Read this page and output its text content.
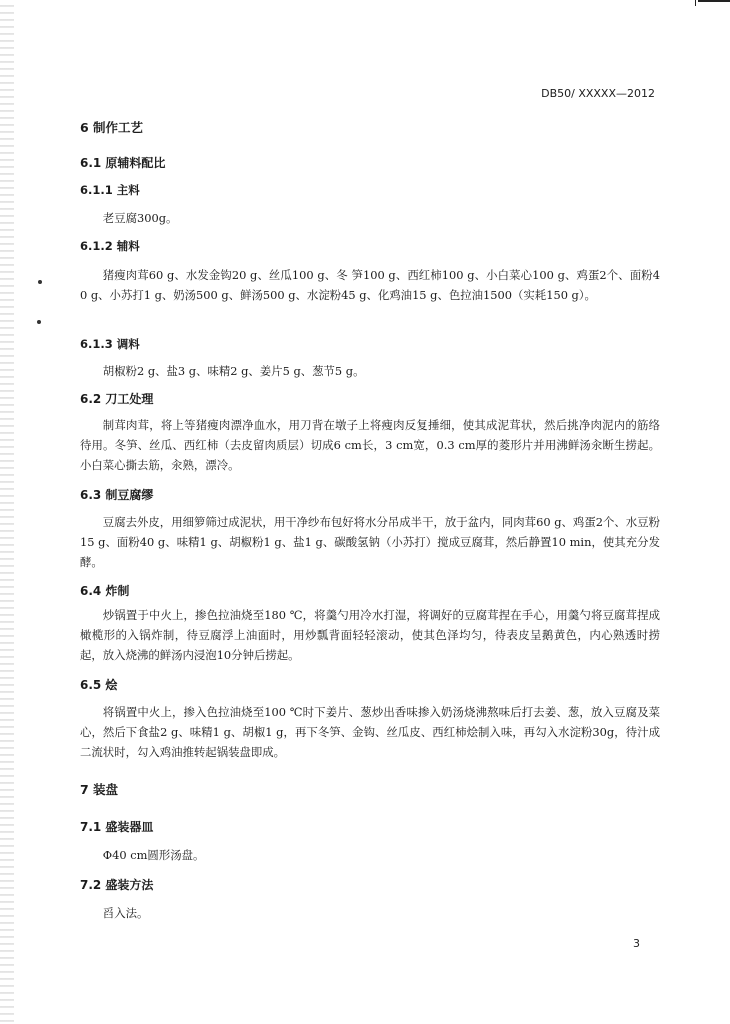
DB50/ XXXXX—2012
6 制作工艺
6.1 原辅料配比
6.1.1 主料
老豆腐300g。
6.1.2 辅料
猪瘦肉茸60 g、水发金钩20 g、丝瓜100 g、冬 笋100 g、西红柿100 g、小白菜心100 g、鸡蛋2个、面粉40 g、小苏打1 g、奶汤500 g、鲜汤500 g、水淀粉45 g、化鸡油15 g、色拉油1500（实耗150 g）。
6.1.3 调料
胡椒粉2 g、盐3 g、味精2 g、姜片5 g、葱节5 g。
6.2 刀工处理
制茸肉茸，将上等猪瘦肉漂净血水，用刀背在墩子上将瘦肉反复捶细，使其成泥茸状，然后挑净肉泥内的筋络待用。冬笋、丝瓜、西红柿（去皮留肉质层）切成6 cm长，3 cm宽，0.3 cm厚的菱形片并用沸鲜汤汆断生捞起。小白菜心撕去筋，汆熟，漂冷。
6.3 制豆腐缪
豆腐去外皮，用细箩筛过成泥状，用干净纱布包好将水分吊成半干，放于盆内，同肉茸60 g、鸡蛋2个、水豆粉15 g、面粉40 g、味精1 g、胡椒粉1 g、盐1 g、碳酸氢钠（小苏打）搅成豆腐茸，然后静置10 min，使其充分发酵。
6.4 炸制
炒锅置于中火上，掺色拉油烧至180 ℃，将羹勺用冷水打湿，将调好的豆腐茸捏在手心，用羹勺将豆腐茸捏成橄榄形的入锅炸制，待豆腐浮上油面时，用炒瓢背面轻轻滚动，使其色泽均匀，待表皮呈鹅黄色，内心熟透时捞起，放入烧沸的鲜汤内浸泡10分钟后捞起。
6.5 烩
将锅置中火上，掺入色拉油烧至100 ℃时下姜片、葱炒出香味掺入奶汤烧沸熬味后打去姜、葱，放入豆腐及菜心，然后下食盐2 g、味精1 g、胡椒1 g，再下冬笋、金钩、丝瓜皮、西红柿烩制入味，再勾入水淀粉30g，待汁成二流状时，勾入鸡油推转起锅装盘即成。
7 装盘
7.1 盛装器皿
Φ40 cm圆形汤盘。
7.2 盛装方法
舀入法。
3
